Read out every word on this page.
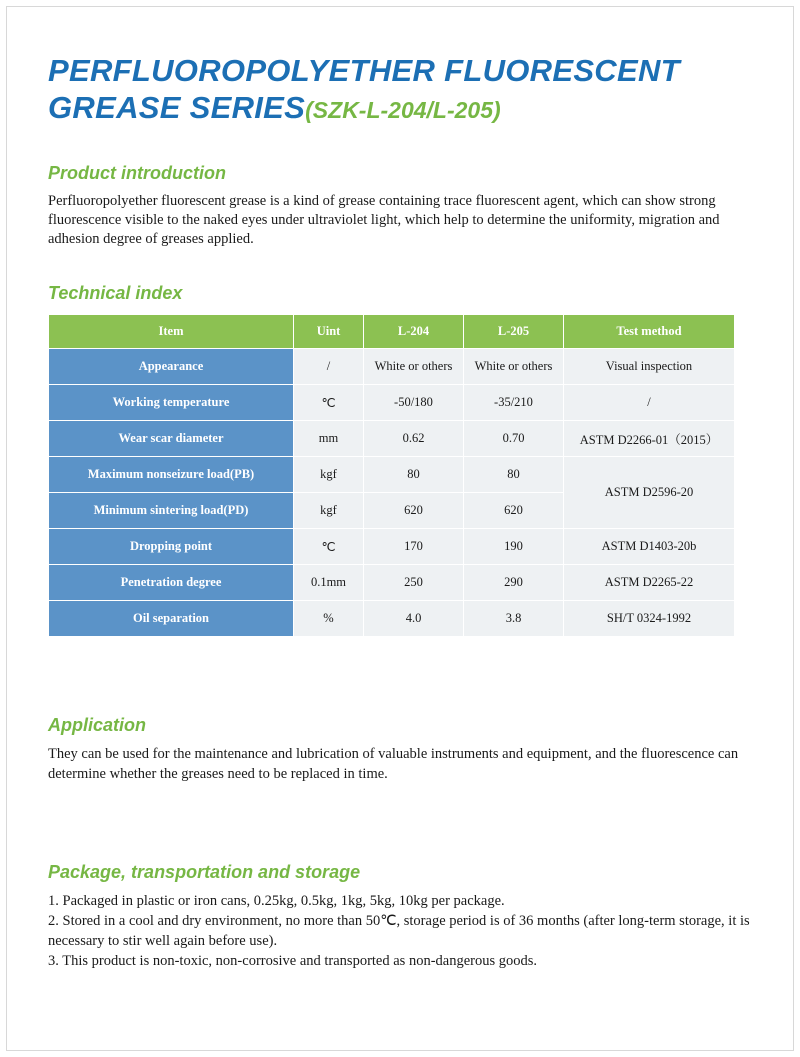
PERFLUOROPOLYETHER FLUORESCENT
GREASE SERIES(SZK-L-204/L-205)
Product introduction
Perfluoropolyether fluorescent grease is a kind of grease containing trace fluorescent agent, which can show strong fluorescence visible to the naked eyes under ultraviolet light, which help to determine the uniformity, migration and adhesion degree of greases applied.
Technical index
Item	Uint	L-204	L-205	Test method
Appearance	/	White or others	White or others	Visual inspection
Working temperature	℃	-50/180	-35/210	/
Wear scar diameter	mm	0.62	0.70	ASTM D2266-01（2015）
Maximum nonseizure load(PB)	kgf	80	80	ASTM D2596-20
Minimum sintering load(PD)	kgf	620	620	
Dropping point	℃	170	190	ASTM D1403-20b
Penetration degree	0.1mm	250	290	ASTM D2265-22
Oil separation	%	4.0	3.8	SH/T 0324-1992
Application
They can be used for the maintenance and lubrication of valuable instruments and equipment, and the fluorescence can determine whether the greases need to be replaced in time.
Package, transportation and storage
1. Packaged in plastic or iron cans, 0.25kg, 0.5kg, 1kg, 5kg, 10kg per package.
2. Stored in a cool and dry environment, no more than 50℃, storage period is of 36 months (after long-term storage, it is necessary to stir well again before use).
3. This product is non-toxic, non-corrosive and transported as non-dangerous goods.
